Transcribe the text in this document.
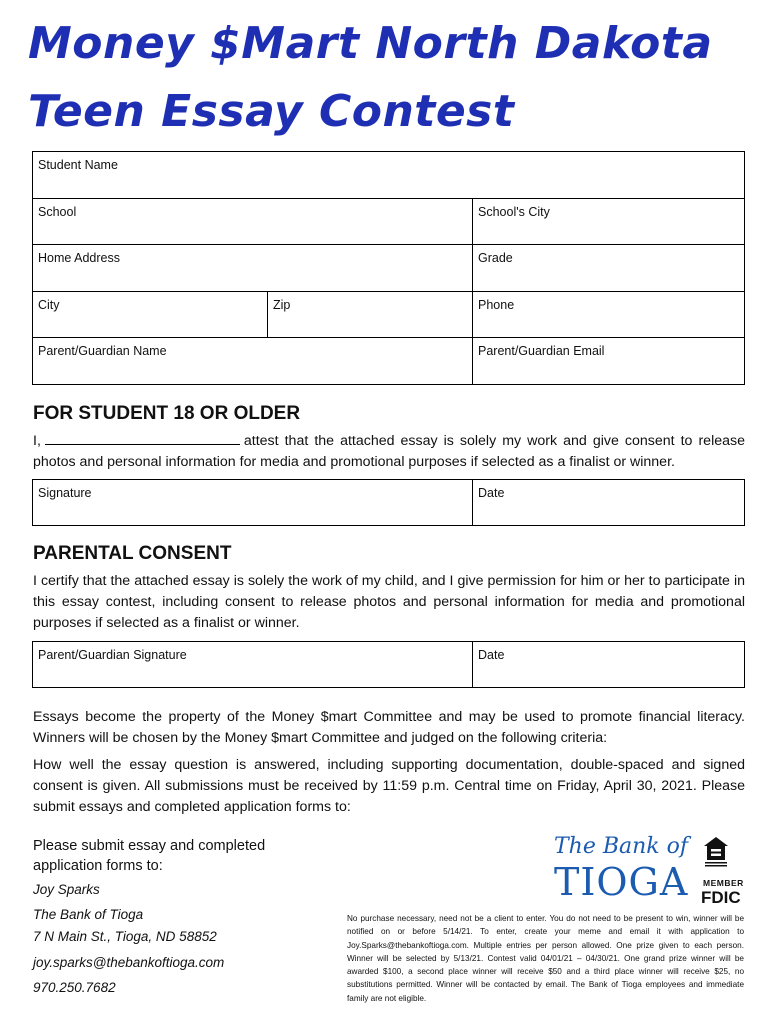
Money $Mart North Dakota
Teen Essay Contest
Student Name		
School		School's City
Home Address		Grade
City	Zip	Phone
Parent/Guardian Name		Parent/Guardian Email
FOR STUDENT 18 OR OLDER
I,	attest that the attached essay is solely my work and give consent to release photos and personal information for media and promotional purposes if selected as a finalist or winner.
Signature	Date
PARENTAL CONSENT
I certify that the attached essay is solely the work of my child, and I give permission for him or her to participate in this essay contest, including consent to release photos and personal information for media and promotional purposes if selected as a finalist or winner.
Parent/Guardian Signature	Date
Essays become the property of the Money $mart Committee and may be used to promote financial literacy. Winners will be chosen by the Money $mart Committee and judged on the following criteria:
How well the essay question is answered, including supporting documentation, double-spaced and signed consent is given. All submissions must be received by 11:59 p.m. Central time on Friday, April 30, 2021. Please submit essays and completed application forms to:
Please submit essay and completed application forms to:
Joy Sparks
The Bank of Tioga
7 N Main St., Tioga, ND 58852
joy.sparks@thebankoftioga.com
970.250.7682
The Bank of
TIOGA MEMBER
FDIC
No purchase necessary, need not be a client to enter. You do not need to be present to win, winner will be notified on or before 5/14/21. To enter, create your meme and email it with application to Joy.Sparks@thebankoftioga.com. Multiple entries per person allowed. One prize given to each person. Winner will be selected by 5/13/21. Contest valid 04/01/21 – 04/30/21. One grand prize winner will be awarded $100, a second place winner will receive $50 and a third place winner will receive $25, no substitutions permitted. Winner will be contacted by email. The Bank of Tioga employees and immediate family are not eligible.
